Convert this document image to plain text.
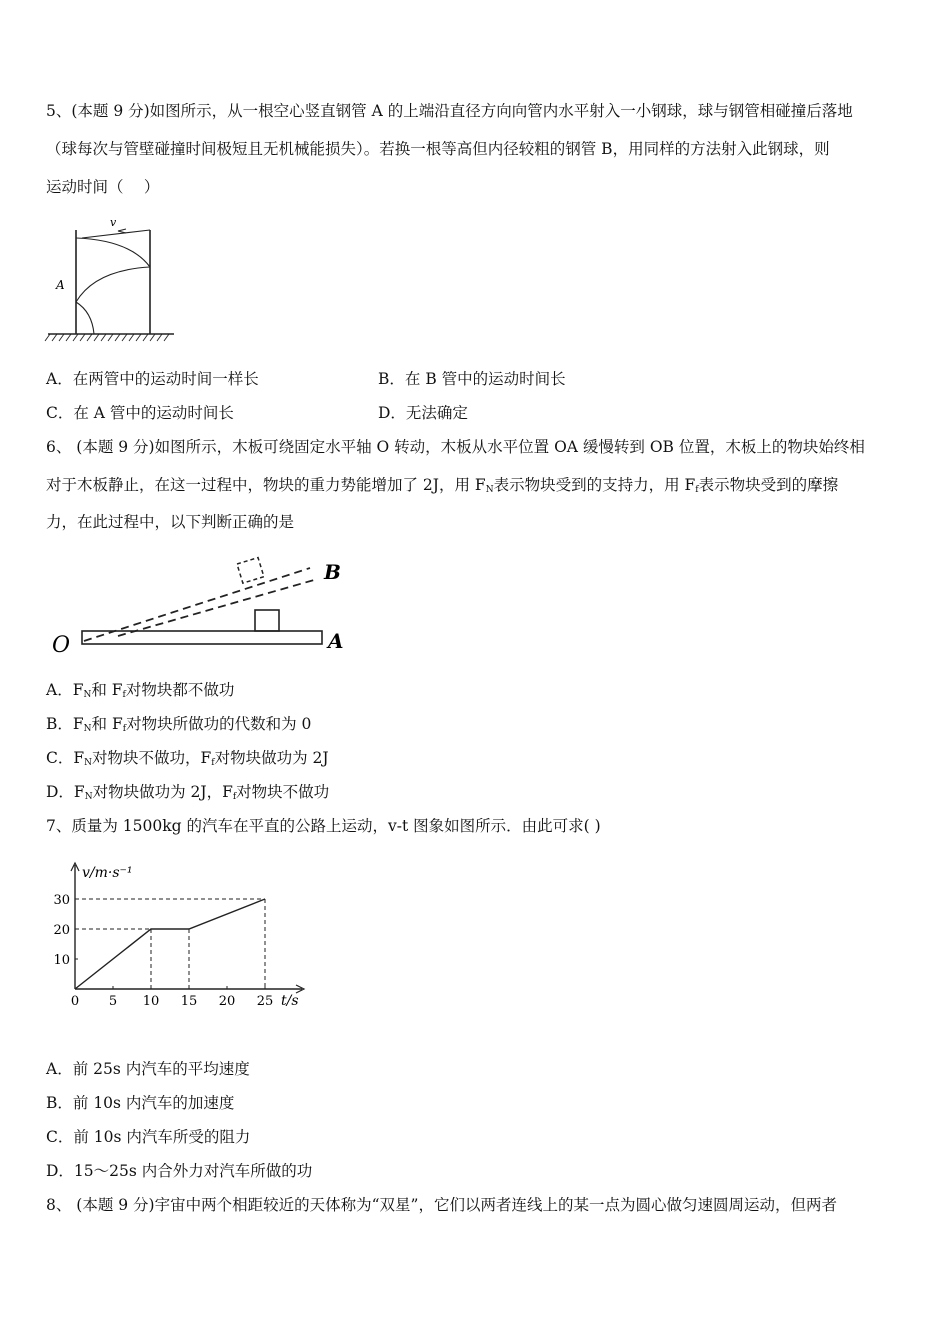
5、(本题 9 分)如图所示，从一根空心竖直钢管 A 的上端沿直径方向向管内水平射入一小钢球，球与钢管相碰撞后落地
（球每次与管壁碰撞时间极短且无机械能损失）。若换一根等高但内径较粗的钢管 B，用同样的方法射入此钢球，则
运动时间（　 ）
v
A
A．在两管中的运动时间一样长	B．在 B 管中的运动时间长
C．在 A 管中的运动时间长	D．无法确定
6、 (本题 9 分)如图所示，木板可绕固定水平轴 O 转动，木板从水平位置 OA 缓慢转到 OB 位置，木板上的物块始终相
对于木板静止，在这一过程中，物块的重力势能增加了 2J，用 $F_N$表示物块受到的支持力，用 $F_f$表示物块受到的摩擦
力，在此过程中，以下判断正确的是
O	A
B
A．$F_N$和 $F_f$对物块都不做功
B．$F_N$和 $F_f$对物块所做功的代数和为 0
C．$F_N$对物块不做功，$F_f$对物块做功为 2J
D．$F_N$对物块做功为 2J，$F_f$对物块不做功
7、质量为 1500kg 的汽车在平直的公路上运动，v-t 图象如图所示．由此可求( )
0 5 10 15 20 25
10
20
30
v/m·s⁻¹
t/s
A．前 25s 内汽车的平均速度
B．前 10s 内汽车的加速度
C．前 10s 内汽车所受的阻力
D．15～25s 内合外力对汽车所做的功
8、 (本题 9 分)宇宙中两个相距较近的天体称为“双星”，它们以两者连线上的某一点为圆心做匀速圆周运动，但两者
